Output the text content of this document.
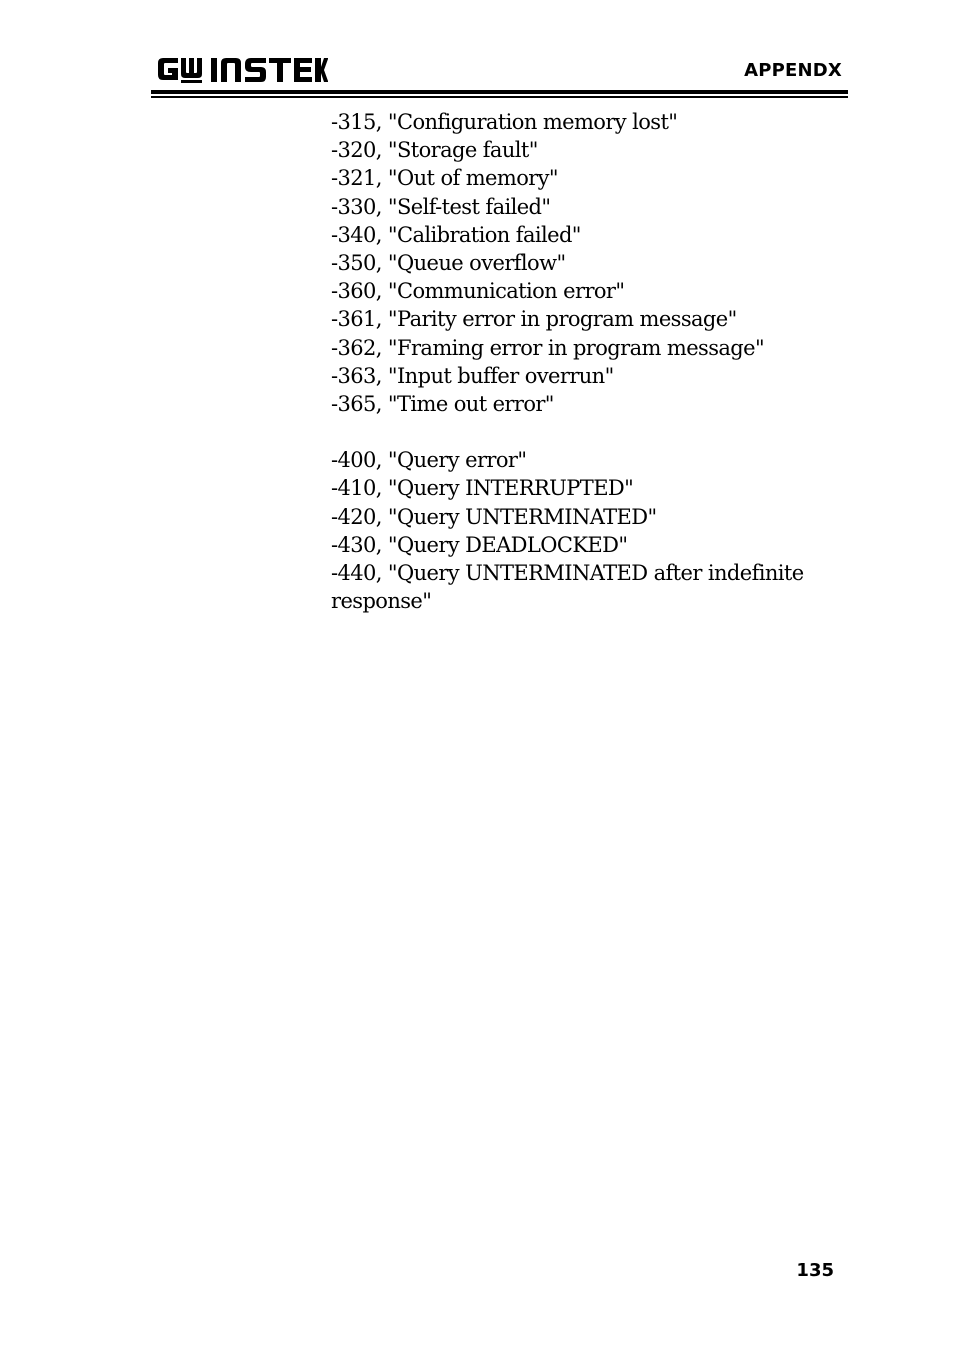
APPENDX
-315, "Configuration memory lost"
-320, "Storage fault"
-321, "Out of memory"
-330, "Self-test failed"
-340, "Calibration failed"
-350, "Queue overflow"
-360, "Communication error"
-361, "Parity error in program message"
-362, "Framing error in program message"
-363, "Input buffer overrun"
-365, "Time out error"
-400, "Query error"
-410, "Query INTERRUPTED"
-420, "Query UNTERMINATED"
-430, "Query DEADLOCKED"
-440, "Query UNTERMINATED after indefinite response"
135
